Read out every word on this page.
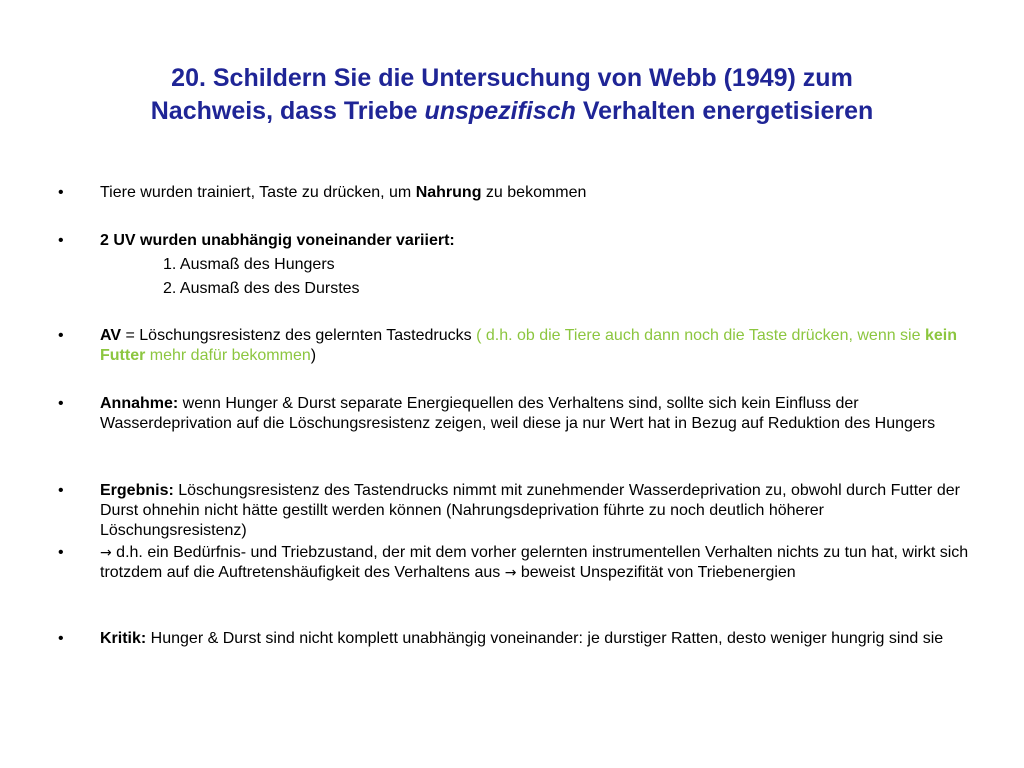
20. Schildern Sie die Untersuchung von Webb (1949) zum
Nachweis, dass Triebe unspezifisch Verhalten energetisieren
• Tiere wurden trainiert, Taste zu drücken, um Nahrung zu bekommen
• 2 UV wurden unabhängig voneinander variiert:
1. Ausmaß des Hungers
2. Ausmaß des des Durstes
• AV = Löschungsresistenz des gelernten Tastedrucks ( d.h. ob die Tiere auch dann noch die Taste drücken, wenn sie kein Futter mehr dafür bekommen)
• Annahme: wenn Hunger & Durst separate Energiequellen des Verhaltens sind, sollte sich kein Einfluss der Wasserdeprivation auf die Löschungsresistenz zeigen, weil diese ja nur Wert hat in Bezug auf Reduktion des Hungers
• Ergebnis: Löschungsresistenz des Tastendrucks nimmt mit zunehmender Wasserdeprivation zu, obwohl durch Futter der Durst ohnehin nicht hätte gestillt werden können (Nahrungsdeprivation führte zu noch deutlich höherer Löschungsresistenz)
•	→ d.h. ein Bedürfnis- und Triebzustand, der mit dem vorher gelernten instrumentellen Verhalten nichts zu tun hat, wirkt sich trotzdem auf die Auftretenshäufigkeit des Verhaltens aus → beweist Unspezifität von Triebenergien
• Kritik: Hunger & Durst sind nicht komplett unabhängig voneinander: je durstiger Ratten, desto weniger hungrig sind sie
